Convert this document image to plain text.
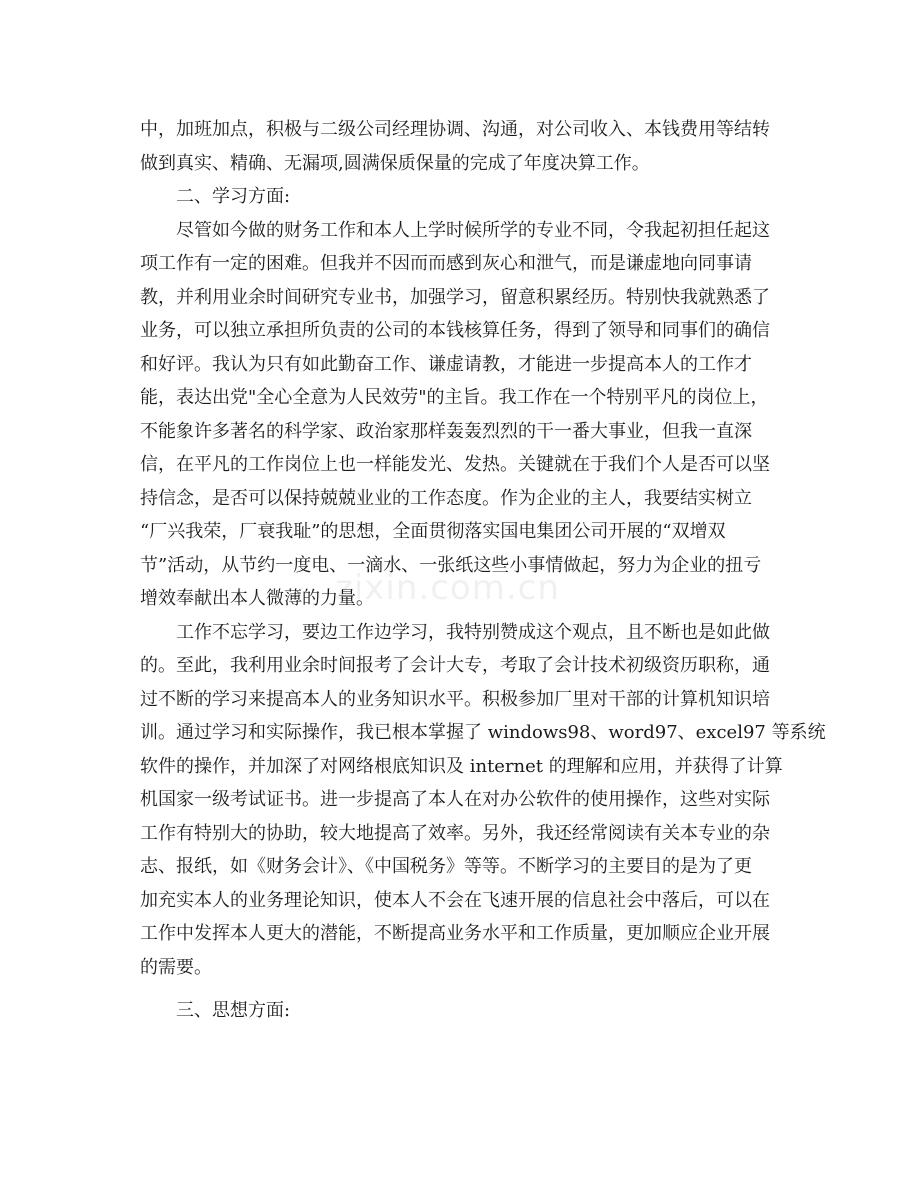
中，加班加点，积极与二级公司经理协调、沟通，对公司收入、本钱费用等结转
做到真实、精确、无漏项,圆满保质保量的完成了年度决算工作。
二、学习方面:
尽管如今做的财务工作和本人上学时候所学的专业不同，令我起初担任起这
项工作有一定的困难。但我并不因而而感到灰心和泄气，而是谦虚地向同事请
教，并利用业余时间研究专业书，加强学习，留意积累经历。特别快我就熟悉了
业务，可以独立承担所负责的公司的本钱核算任务，得到了领导和同事们的确信
和好评。我认为只有如此勤奋工作、谦虚请教，才能进一步提高本人的工作才
能，表达出党"全心全意为人民效劳"的主旨。我工作在一个特别平凡的岗位上，
不能象许多著名的科学家、政治家那样轰轰烈烈的干一番大事业，但我一直深
信，在平凡的工作岗位上也一样能发光、发热。关键就在于我们个人是否可以坚
持信念，是否可以保持兢兢业业的工作态度。作为企业的主人，我要结实树立
“厂兴我荣，厂衰我耻”的思想，全面贯彻落实国电集团公司开展的“双增双
节”活动，从节约一度电、一滴水、一张纸这些小事情做起，努力为企业的扭亏
增效奉献出本人微薄的力量。
工作不忘学习，要边工作边学习，我特别赞成这个观点，且不断也是如此做
的。至此，我利用业余时间报考了会计大专，考取了会计技术初级资历职称，通
过不断的学习来提高本人的业务知识水平。积极参加厂里对干部的计算机知识培
训。通过学习和实际操作，我已根本掌握了 windows98、word97、excel97 等系统
软件的操作，并加深了对网络根底知识及 internet 的理解和应用，并获得了计算
机国家一级考试证书。进一步提高了本人在对办公软件的使用操作，这些对实际
工作有特别大的协助，较大地提高了效率。另外，我还经常阅读有关本专业的杂
志、报纸，如《财务会计》、《中国税务》等等。不断学习的主要目的是为了更
加充实本人的业务理论知识，使本人不会在飞速开展的信息社会中落后，可以在
工作中发挥本人更大的潜能，不断提高业务水平和工作质量，更加顺应企业开展
的需要。
三、思想方面:
zixin.com.cn
